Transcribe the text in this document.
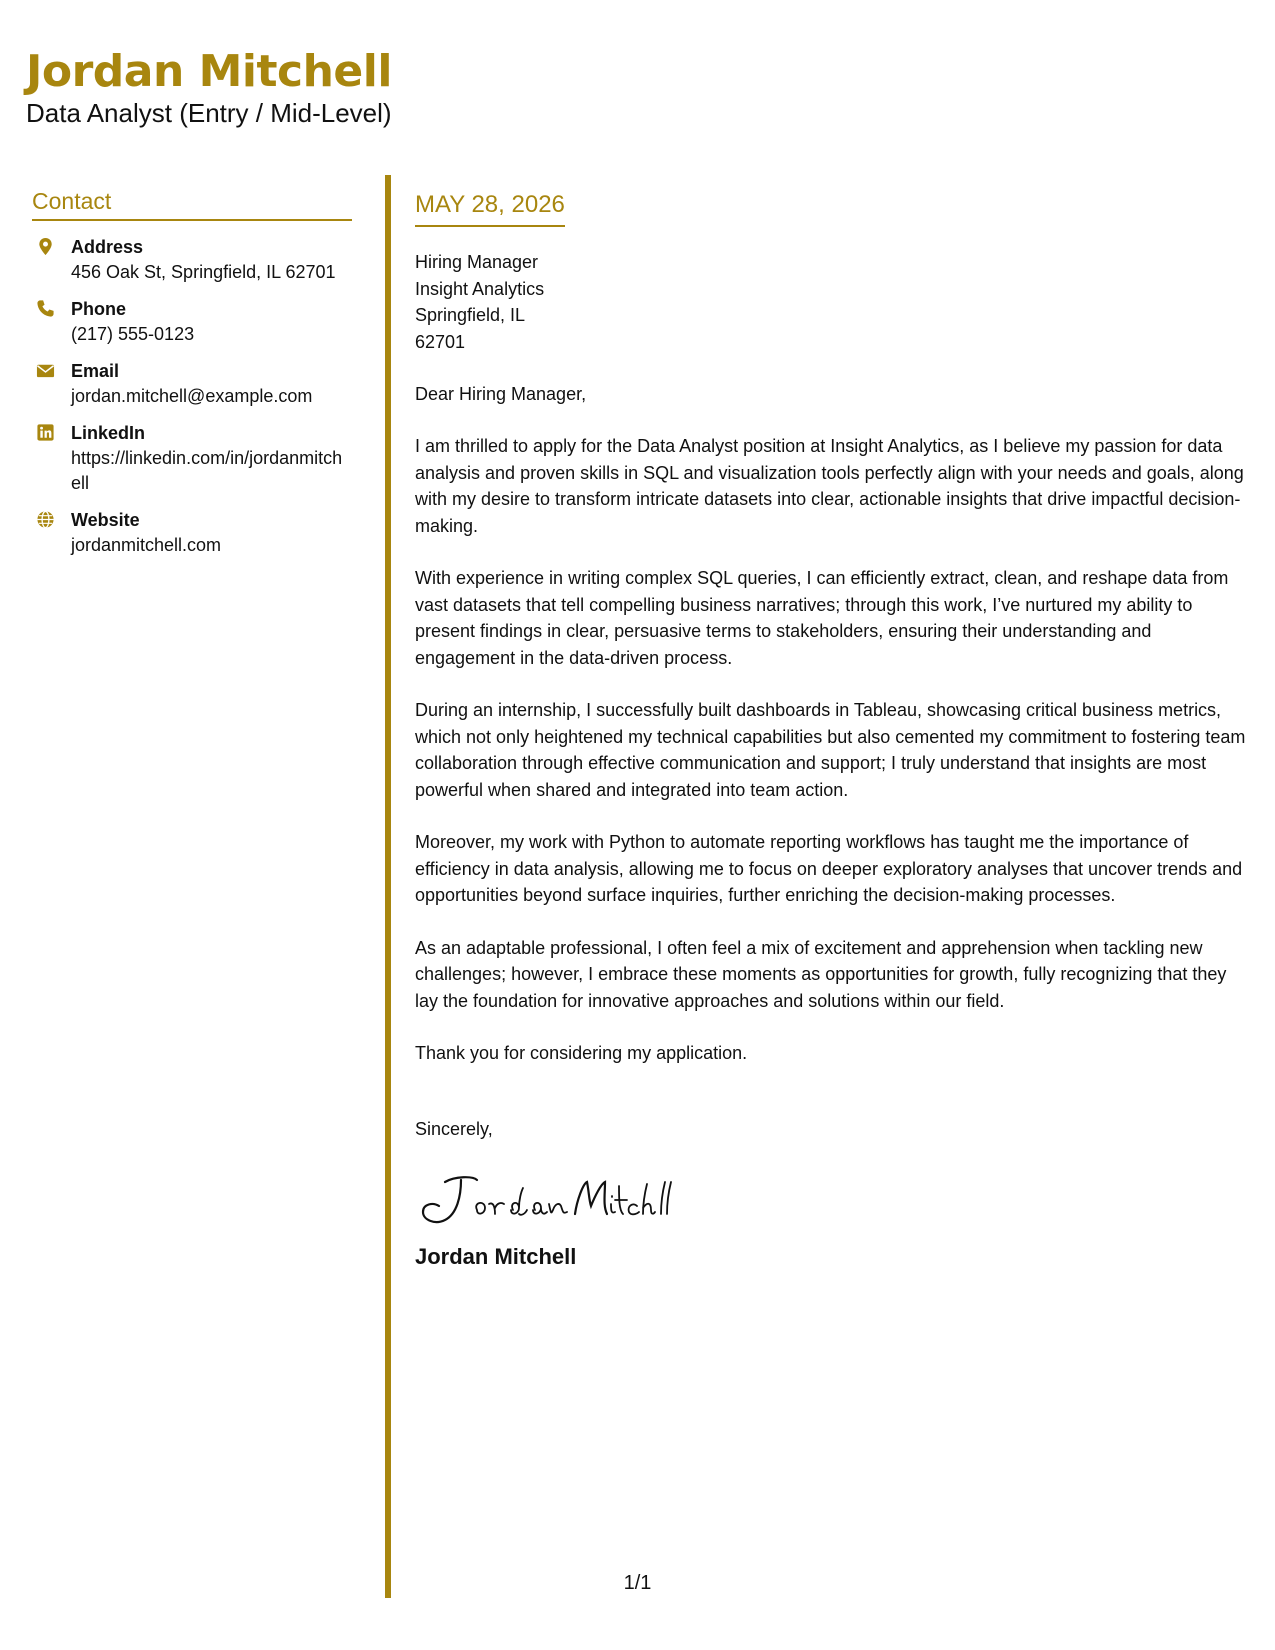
Jordan Mitchell
Data Analyst (Entry / Mid-Level)
Contact
Address
456 Oak St, Springfield, IL 62701
Phone
(217) 555-0123
Email
jordan.mitchell@example.com
LinkedIn
https://linkedin.com/in/jordanmitchell
Website
jordanmitchell.com
MAY 28, 2026
Hiring Manager
Insight Analytics
Springfield, IL
62701
Dear Hiring Manager,

I am thrilled to apply for the Data Analyst position at Insight Analytics, as I believe my passion for data analysis and proven skills in SQL and visualization tools perfectly align with your needs and goals, along with my desire to transform intricate datasets into clear, actionable insights that drive impactful decision-making.

With experience in writing complex SQL queries, I can efficiently extract, clean, and reshape data from vast datasets that tell compelling business narratives; through this work, I’ve nurtured my ability to present findings in clear, persuasive terms to stakeholders, ensuring their understanding and engagement in the data-driven process.

During an internship, I successfully built dashboards in Tableau, showcasing critical business metrics, which not only heightened my technical capabilities but also cemented my commitment to fostering team collaboration through effective communication and support; I truly understand that insights are most powerful when shared and integrated into team action.

Moreover, my work with Python to automate reporting workflows has taught me the importance of efficiency in data analysis, allowing me to focus on deeper exploratory analyses that uncover trends and opportunities beyond surface inquiries, further enriching the decision-making processes.

As an adaptable professional, I often feel a mix of excitement and apprehension when tackling new challenges; however, I embrace these moments as opportunities for growth, fully recognizing that they lay the foundation for innovative approaches and solutions within our field.

Thank you for considering my application.

Sincerely,
Jordan Mitchell
1/1
